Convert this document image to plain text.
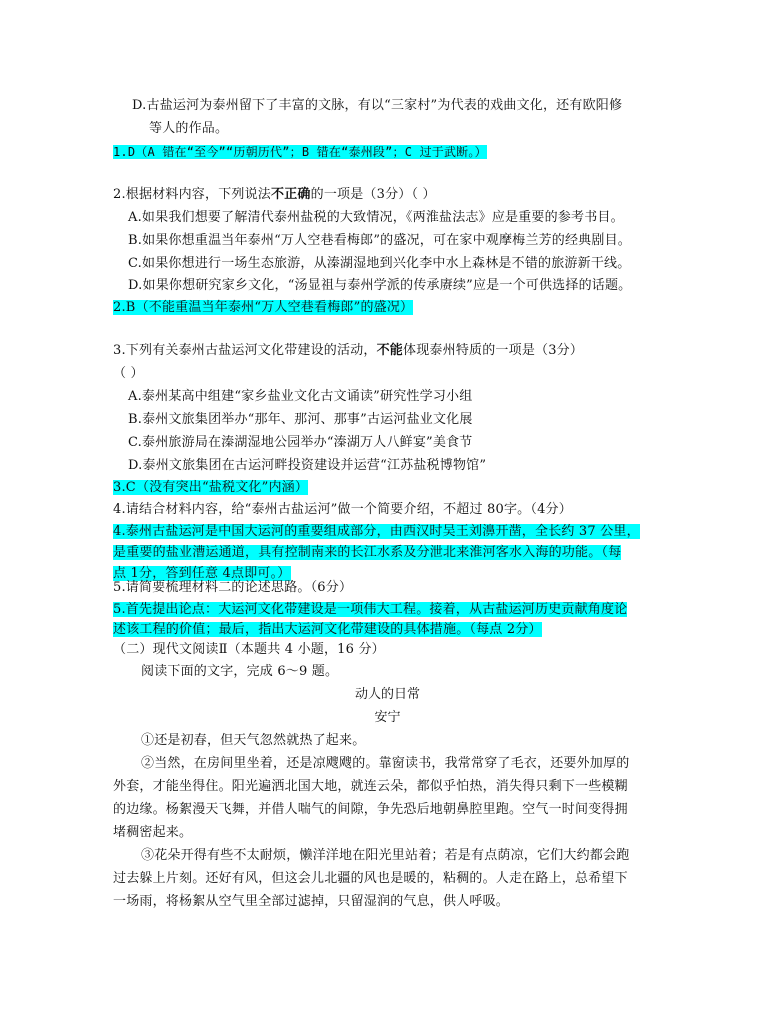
D.古盐运河为泰州留下了丰富的文脉，有以“三家村”为代表的戏曲文化，还有欧阳修
等人的作品。
1.D（A 错在“至今”“历朝历代”；B 错在“泰州段”；C 过于武断。）
2.根据材料内容，下列说法不正确的一项是（3分）（ ）
A.如果我们想要了解清代泰州盐税的大致情况，《两淮盐法志》应是重要的参考书目。
B.如果你想重温当年泰州“万人空巷看梅郎”的盛况，可在家中观摩梅兰芳的经典剧目。
C.如果你想进行一场生态旅游，从溱湖湿地到兴化李中水上森林是不错的旅游新干线。
D.如果你想研究家乡文化，“汤显祖与泰州学派的传承赓续”应是一个可供选择的话题。
2.B（不能重温当年泰州“万人空巷看梅郎”的盛况）
3.下列有关泰州古盐运河文化带建设的活动，不能体现泰州特质的一项是（3分）
（ ）
A.泰州某高中组建“家乡盐业文化古文诵读”研究性学习小组
B.泰州文旅集团举办“那年、那河、那事”古运河盐业文化展
C.泰州旅游局在溱湖湿地公园举办“溱湖万人八鲜宴”美食节
D.泰州文旅集团在古运河畔投资建设并运营“江苏盐税博物馆”
3.C（没有突出“盐税文化”内涵）
4.请结合材料内容，给“泰州古盐运河”做一个简要介绍，不超过 80字。（4分）
4.泰州古盐运河是中国大运河的重要组成部分，由西汉时吴王刘濞开凿，全长约 37 公里，
是重要的盐业漕运通道，具有控制南来的长江水系及分泄北来淮河客水入海的功能。（每
点 1分，答到任意 4点即可。）
5.请简要梳理材料二的论述思路。（6分）
5.首先提出论点：大运河文化带建设是一项伟大工程。接着，从古盐运河历史贡献角度论
述该工程的价值；最后，指出大运河文化带建设的具体措施。（每点 2分）
（二）现代文阅读Ⅱ（本题共 4 小题，16 分）
阅读下面的文字，完成 6～9 题。
动人的日常
安宁
①还是初春，但天气忽然就热了起来。
②当然，在房间里坐着，还是凉飕飕的。靠窗读书，我常常穿了毛衣，还要外加厚的
外套，才能坐得住。阳光遍洒北国大地，就连云朵，都似乎怕热，消失得只剩下一些模糊
的边缘。杨絮漫天飞舞，并借人喘气的间隙，争先恐后地朝鼻腔里跑。空气一时间变得拥
堵稠密起来。
③花朵开得有些不太耐烦，懒洋洋地在阳光里站着；若是有点荫凉，它们大约都会跑
过去躲上片刻。还好有风，但这会儿北疆的风也是暖的，粘稠的。人走在路上，总希望下
一场雨，将杨絮从空气里全部过滤掉，只留湿润的气息，供人呼吸。
